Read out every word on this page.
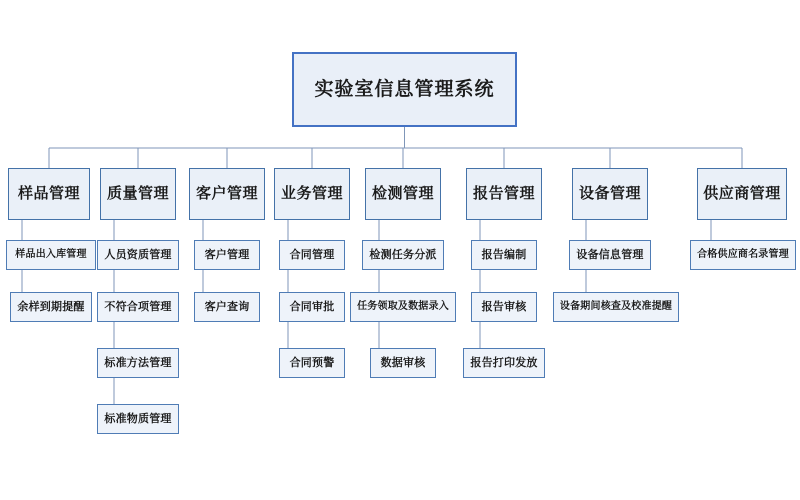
实验室信息管理系统
样品管理
样品出入库管理
余样到期提醒
质量管理
人员资质管理
不符合项管理
标准方法管理
标准物质管理
客户管理
客户管理
客户查询
业务管理
合同管理
合同审批
合同预警
检测管理
检测任务分派
任务领取及数据录入
数据审核
报告管理
报告编制
报告审核
报告打印发放
设备管理
设备信息管理
设备期间核查及校准提醒
供应商管理
合格供应商名录管理
